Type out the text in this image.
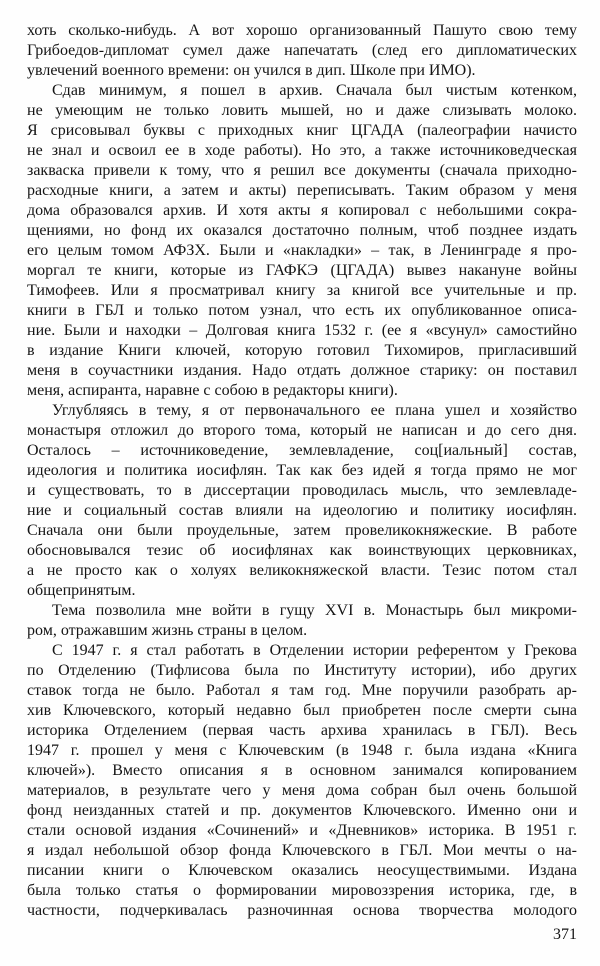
хоть сколько-нибудь. А вот хорошо организованный Пашуто свою тему
Грибоедов-дипломат сумел даже напечатать (след его дипломатических
увлечений военного времени: он учился в дип. Школе при ИМО).
Сдав минимум, я пошел в архив. Сначала был чистым котенком,
не умеющим не только ловить мышей, но и даже слизывать молоко.
Я срисовывал буквы с приходных книг ЦГАДА (палеографии начисто
не знал и освоил ее в ходе работы). Но это, а также источниковедческая
закваска привели к тому, что я решил все документы (сначала приходно-
расходные книги, а затем и акты) переписывать. Таким образом у меня
дома образовался архив. И хотя акты я копировал с небольшими сокра-
щениями, но фонд их оказался достаточно полным, чтоб позднее издать
его целым томом АФЗХ. Были и «накладки» – так, в Ленинграде я про-
моргал те книги, которые из ГАФКЭ (ЦГАДА) вывез накануне войны
Тимофеев. Или я просматривал книгу за книгой все учительные и пр.
книги в ГБЛ и только потом узнал, что есть их опубликованное описа-
ние. Были и находки – Долговая книга 1532 г. (ее я «всунул» самостийно
в издание Книги ключей, которую готовил Тихомиров, пригласивший
меня в соучастники издания. Надо отдать должное старику: он поставил
меня, аспиранта, наравне с собою в редакторы книги).
Углубляясь в тему, я от первоначального ее плана ушел и хозяйство
монастыря отложил до второго тома, который не написан и до сего дня.
Осталось – источниковедение, землевладение, соц[иальный] состав,
идеология и политика иосифлян. Так как без идей я тогда прямо не мог
и существовать, то в диссертации проводилась мысль, что землевладе-
ние и социальный состав влияли на идеологию и политику иосифлян.
Сначала они были проудельные, затем провеликокняжеские. В работе
обосновывался тезис об иосифлянах как воинствующих церковниках,
а не просто как о холуях великокняжеской власти. Тезис потом стал
общепринятым.
Тема позволила мне войти в гущу XVI в. Монастырь был микроми-
ром, отражавшим жизнь страны в целом.
С 1947 г. я стал работать в Отделении истории референтом у Грекова
по Отделению (Тифлисова была по Институту истории), ибо других
ставок тогда не было. Работал я там год. Мне поручили разобрать ар-
хив Ключевского, который недавно был приобретен после смерти сына
историка Отделением (первая часть архива хранилась в ГБЛ). Весь
1947 г. прошел у меня с Ключевским (в 1948 г. была издана «Книга
ключей»). Вместо описания я в основном занимался копированием
материалов, в результате чего у меня дома собран был очень большой
фонд неизданных статей и пр. документов Ключевского. Именно они и
стали основой издания «Сочинений» и «Дневников» историка. В 1951 г.
я издал небольшой обзор фонда Ключевского в ГБЛ. Мои мечты о на-
писании книги о Ключевском оказались неосуществимыми. Издана
была только статья о формировании мировоззрения историка, где, в
частности, подчеркивалась разночинная основа творчества молодого
371
